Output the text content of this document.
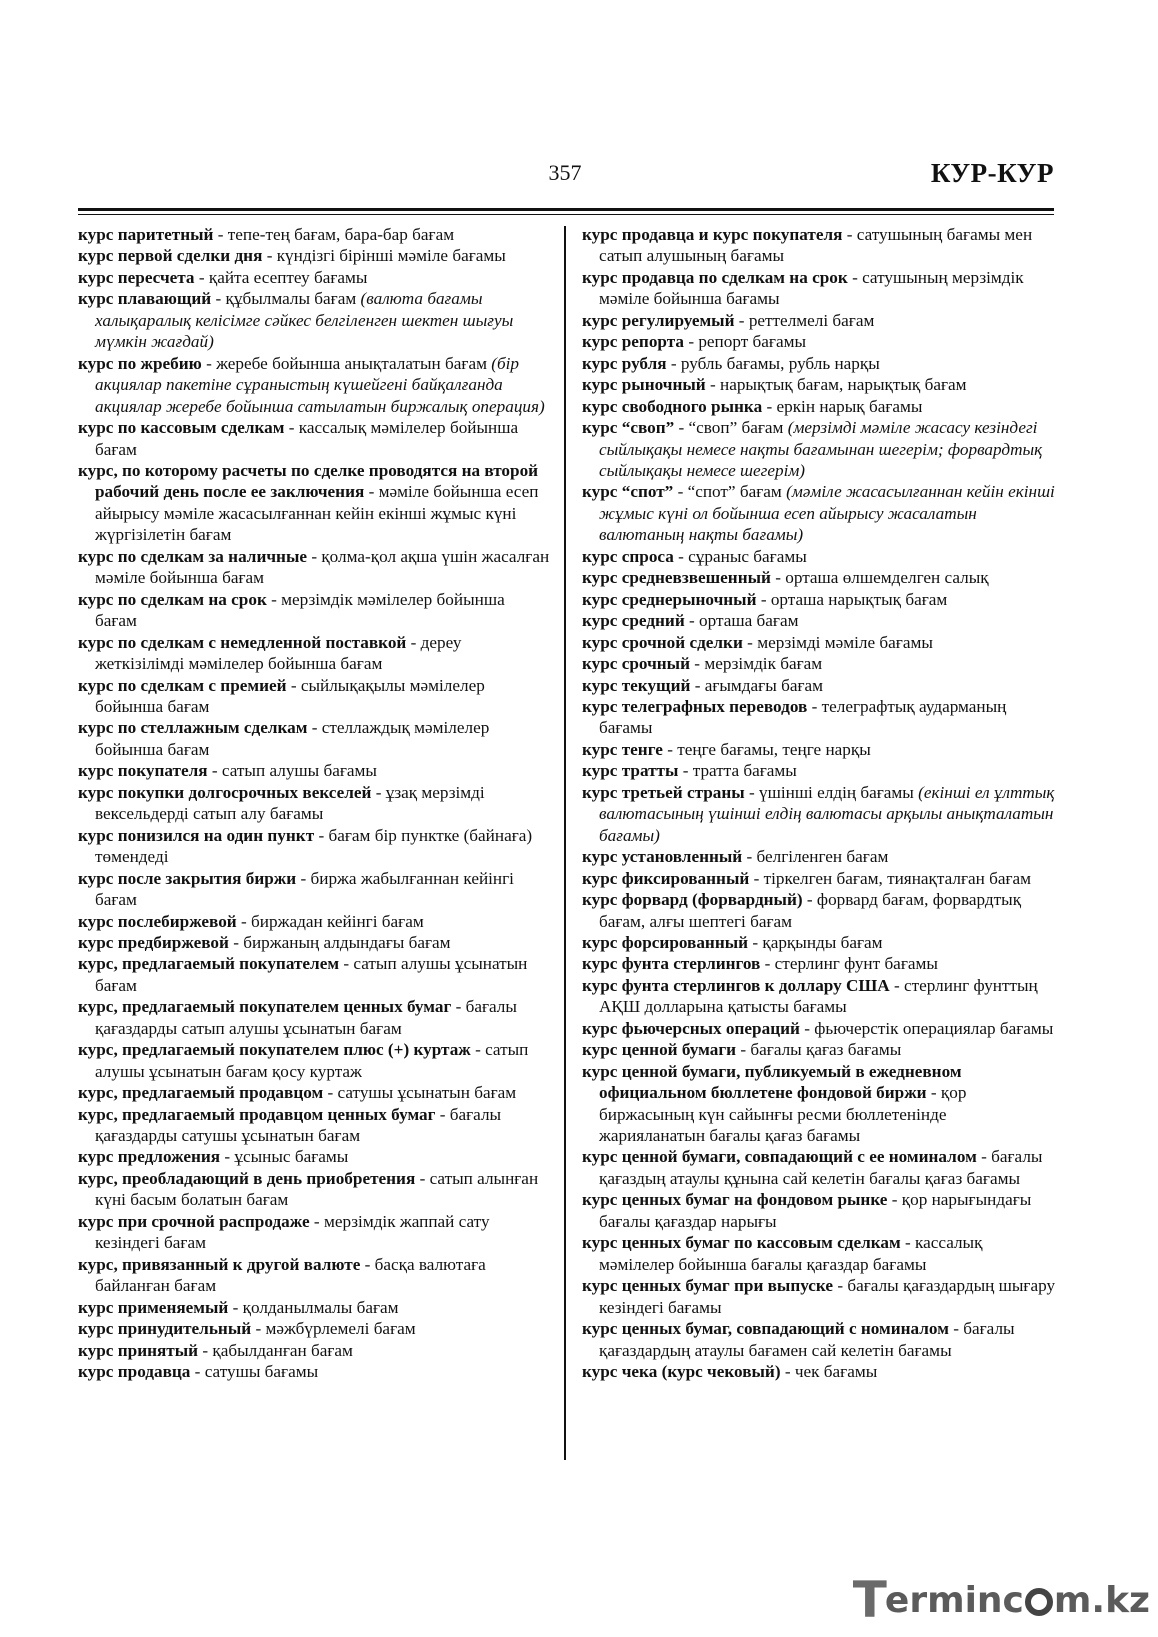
357	КУР-КУР
курс паритетный - тепе-тең бағам, бара-бар бағам
курс первой сделки дня - күндізгі бірінші мәміле бағамы
курс пересчета - қайта есептеу бағамы
курс плавающий - құбылмалы бағам (валюта бағамы халықаралық келісімге сәйкес белгіленген шектен шығуы мүмкін жағдай)
курс по жребию - жеребе бойынша анықталатын бағам (бір акциялар пакетіне сұраныстың күшейгені байқалғанда акциялар жеребе бойынша сатылатын биржалық операция)
курс по кассовым сделкам - кассалық мәмілелер бойынша бағам
курс, по которому расчеты по сделке проводятся на второй рабочий день после ее заключения - мәміле бойынша есеп айырысу мәміле жасасылғаннан кейін екінші жұмыс күні жүргізілетін бағам
курс по сделкам за наличные - қолма-қол ақша үшін жасалған мәміле бойынша бағам
курс по сделкам на срок - мерзімдік мәмілелер бойынша бағам
курс по сделкам с немедленной поставкой - дереу жеткізілімді мәмілелер бойынша бағам
курс по сделкам с премией - сыйлықақылы мәмілелер бойынша бағам
курс по стеллажным сделкам - стеллаждық мәмілелер бойынша бағам
курс покупателя - сатып алушы бағамы
курс покупки долгосрочных векселей - ұзақ мерзімді вексельдерді сатып алу бағамы
курс понизился на один пункт - бағам бір пунктке (байнаға) төмендеді
курс после закрытия биржи - биржа жабылғаннан кейінгі бағам
курс послебиржевой - биржадан кейінгі бағам
курс предбиржевой - биржаның алдындағы бағам
курс, предлагаемый покупателем - сатып алушы ұсынатын бағам
курс, предлагаемый покупателем ценных бумаг - бағалы қағаздарды сатып алушы ұсынатын бағам
курс, предлагаемый покупателем плюс (+) куртаж - сатып алушы ұсынатын бағам қосу куртаж
курс, предлагаемый продавцом - сатушы ұсынатын бағам
курс, предлагаемый продавцом ценных бумаг - бағалы қағаздарды сатушы ұсынатын бағам
курс предложения - ұсыныс бағамы
курс, преобладающий в день приобретения - сатып алынған күні басым болатын бағам
курс при срочной распродаже - мерзімдік жаппай сату кезіндегі бағам
курс, привязанный к другой валюте - басқа валютаға байланған бағам
курс применяемый - қолданылмалы бағам
курс принудительный - мәжбүрлемелі бағам
курс принятый - қабылданған бағам
курс продавца - сатушы бағамы
курс продавца и курс покупателя - сатушының бағамы мен сатып алушының бағамы
курс продавца по сделкам на срок - сатушының мерзімдік мәміле бойынша бағамы
курс регулируемый - реттелмелі бағам
курс репорта - репорт бағамы
курс рубля - рубль бағамы, рубль нарқы
курс рыночный - нарықтық бағам, нарықтық бағам
курс свободного рынка - еркін нарық бағамы
курс “своп” - “своп” бағам (мерзімді мәміле жасасу кезіндегі сыйлықақы немесе нақты бағамынан шегерім; форвардтық сыйлықақы немесе шегерім)
курс “спот” - “спот” бағам (мәміле жасасылғаннан кейін екінші жұмыс күні ол бойынша есеп айырысу жасалатын валютаның нақты бағамы)
курс спроса - сұраныс бағамы
курс средневзвешенный - орташа өлшемделген салық
курс среднерыночный - орташа нарықтық бағам
курс средний - орташа бағам
курс срочной сделки - мерзімді мәміле бағамы
курс срочный - мерзімдік бағам
курс текущий - ағымдағы бағам
курс телеграфных переводов - телеграфтық аударманың бағамы
курс тенге - теңге бағамы, теңге нарқы
курс тратты - тратта бағамы
курс третьей страны - үшінші елдің бағамы (екінші ел ұлттық валютасының үшінші елдің валютасы арқылы анықталатын бағамы)
курс установленный - белгіленген бағам
курс фиксированный - тіркелген бағам, тиянақталған бағам
курс форвард (форвардный) - форвард бағам, форвардтық бағам, алғы шептегі бағам
курс форсированный - қарқынды бағам
курс фунта стерлингов - стерлинг фунт бағамы
курс фунта стерлингов к доллару США - стерлинг фунттың АҚШ долларына қатысты бағамы
курс фьючерсных операций - фьючерстік операциялар бағамы
курс ценной бумаги - бағалы қағаз бағамы
курс ценной бумаги, публикуемый в ежедневном официальном бюллетене фондовой биржи - қор биржасының күн сайынғы ресми бюллетенінде жарияланатын бағалы қағаз бағамы
курс ценной бумаги, совпадающий с ее номиналом - бағалы қағаздың атаулы құнына сай келетін бағалы қағаз бағамы
курс ценных бумаг на фондовом рынке - қор нарығындағы бағалы қағаздар нарығы
курс ценных бумаг по кассовым сделкам - кассалық мәмілелер бойынша бағалы қағаздар бағамы
курс ценных бумаг при выпуске - бағалы қағаздардың шығару кезіндегі бағамы
курс ценных бумаг, совпадающий с номиналом - бағалы қағаздардың атаулы бағамен сай келетін бағамы
курс чека (курс чековый) - чек бағамы
T
erminc m.kz
